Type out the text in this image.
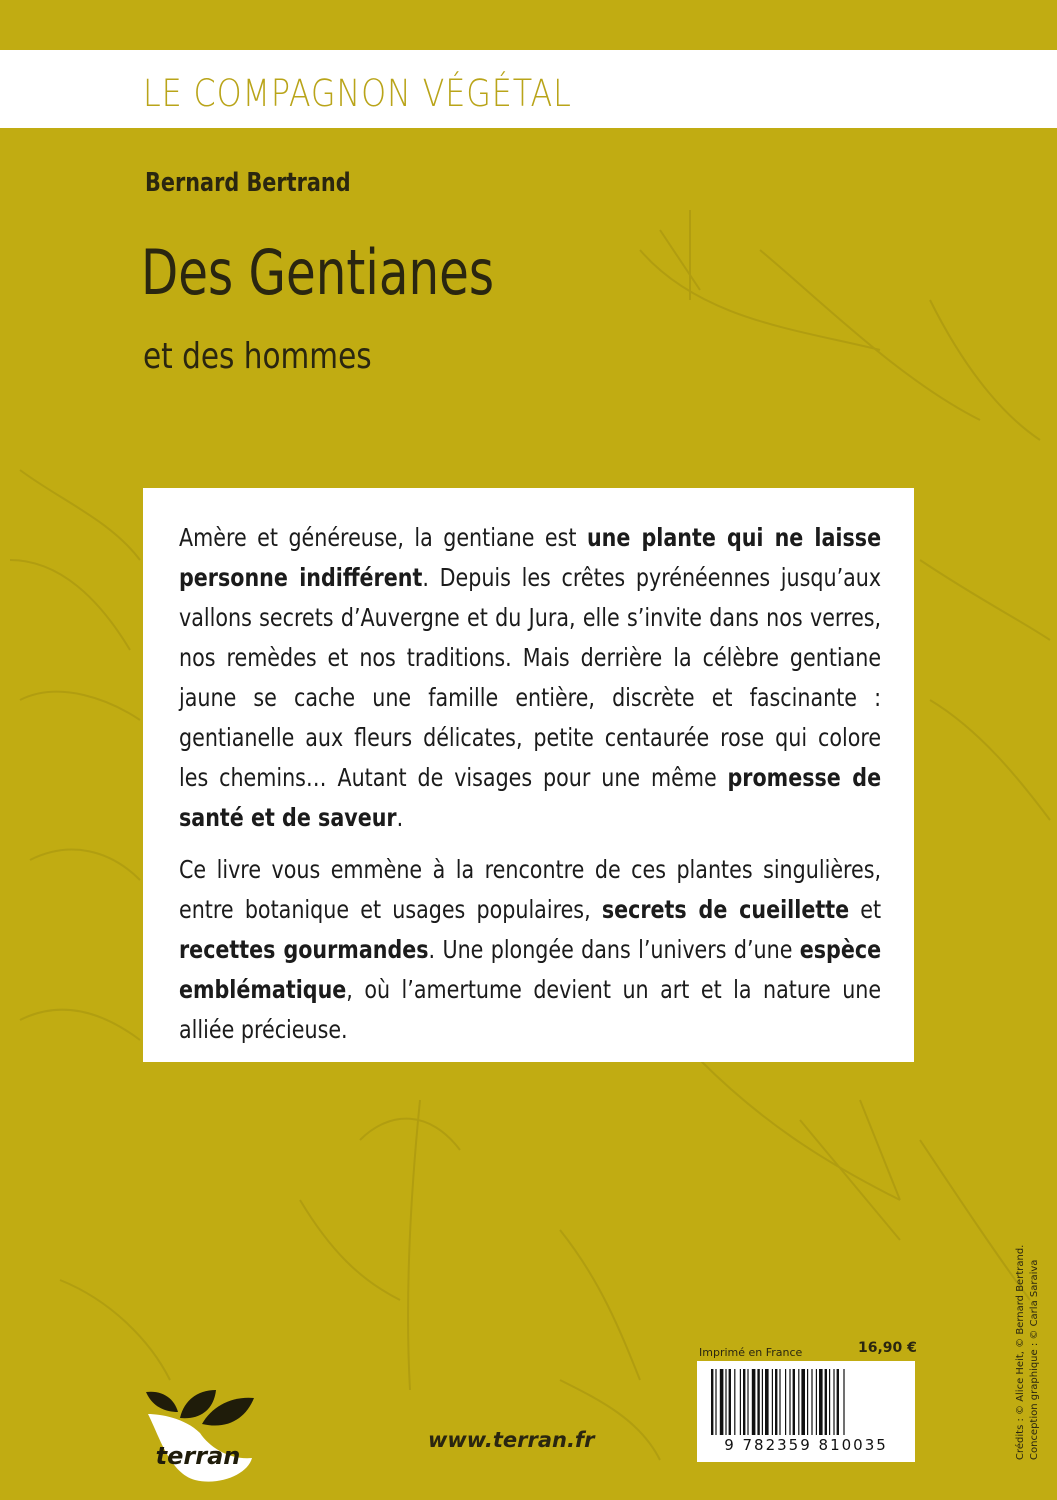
LE COMPAGNON VÉGÉTAL
Bernard Bertrand
Des Gentianes
et des hommes

Amère et généreuse, la gentiane est une plante qui ne laisse personne indifférent. Depuis les crêtes pyrénéennes jusqu’aux vallons secrets d’Auvergne et du Jura, elle s’invite dans nos verres, nos remèdes et nos traditions. Mais derrière la célèbre gentiane jaune se cache une famille entière, discrète et fascinante : gentianelle aux fleurs délicates, petite centaurée rose qui colore les chemins… Autant de visages pour une même promesse de santé et de saveur.

Ce livre vous emmène à la rencontre de ces plantes singulières, entre botanique et usages populaires, secrets de cueillette et recettes gourmandes. Une plongée dans l’univers d’une espèce emblématique, où l’amertume devient un art et la nature une alliée précieuse.

terran
www.terran.fr
Imprimé en France	16,90 €
9 782359 810035	Crédits : © Alice Heit, © Bernard Bertrand. Conception graphique : © Carla Saraiva
